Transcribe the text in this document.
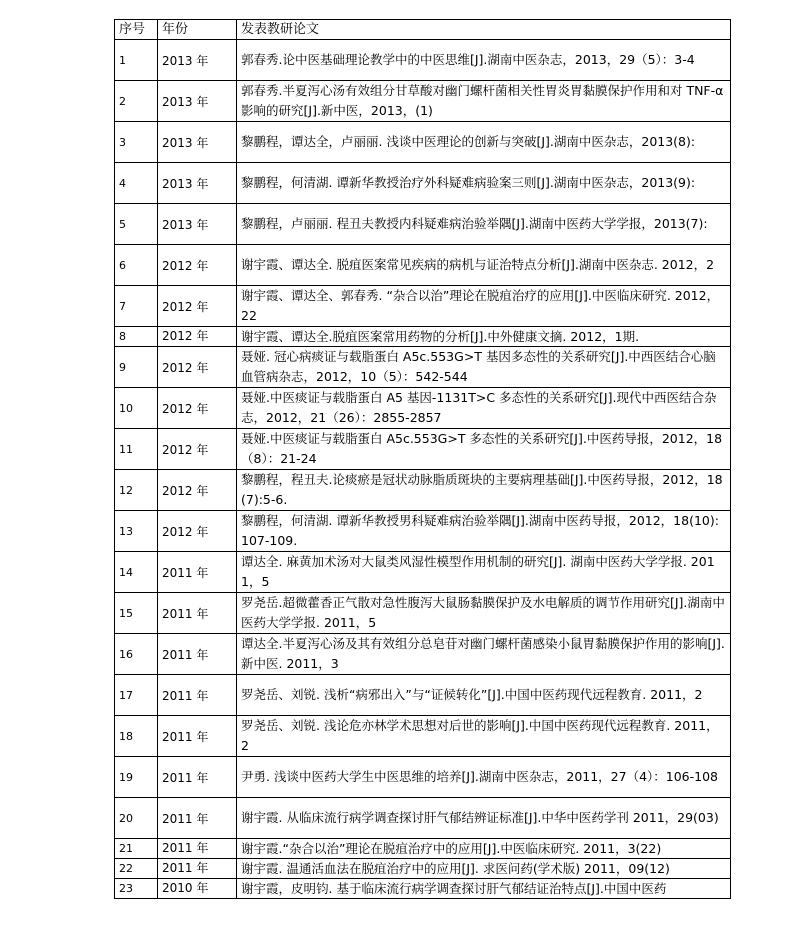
序号	年份	发表教研论文
1	2013 年	郭春秀.论中医基础理论教学中的中医思维[J].湖南中医杂志，2013，29（5）：3-4
2	2013 年	郭春秀.半夏泻心汤有效组分甘草酸对幽门螺杆菌相关性胃炎胃黏膜保护作用和对 TNF-α影响的研究[J].新中医，2013，(1)
3	2013 年	黎鹏程，谭达全，卢丽丽. 浅谈中医理论的创新与突破[J].湖南中医杂志，2013(8):
4	2013 年	黎鹏程，何清湖. 谭新华教授治疗外科疑难病验案三则[J].湖南中医杂志，2013(9):
5	2013 年	黎鹏程，卢丽丽. 程丑夫教授内科疑难病治验举隅[J].湖南中医药大学学报，2013(7):
6	2012 年	谢宇霞、谭达全. 脱疽医案常见疾病的病机与证治特点分析[J].湖南中医杂志. 2012，2
7	2012 年	谢宇霞、谭达全、郭春秀. “杂合以治”理论在脱疽治疗的应用[J].中医临床研究. 2012，22
8	2012 年	谢宇霞、谭达全.脱疽医案常用药物的分析[J].中外健康文摘. 2012，1期.
9	2012 年	聂娅. 冠心病痰证与载脂蛋白 A5c.553G>T 基因多态性的关系研究[J].中西医结合心脑血管病杂志，2012，10（5）：542-544
10	2012 年	聂娅.中医痰证与载脂蛋白 A5 基因-1131T>C 多态性的关系研究[J].现代中西医结合杂志，2012，21（26）：2855-2857
11	2012 年	聂娅.中医痰证与载脂蛋白 A5c.553G>T 多态性的关系研究[J].中医药导报，2012，18（8）：21-24
12	2012 年	黎鹏程，程丑夫.论痰瘀是冠状动脉脂质斑块的主要病理基础[J].中医药导报，2012，18(7):5-6.
13	2012 年	黎鹏程，何清湖. 谭新华教授男科疑难病治验举隅[J].湖南中医药导报，2012，18(10):107-109.
14	2011 年	谭达全. 麻黄加术汤对大鼠类风湿性模型作用机制的研究[J]. 湖南中医药大学学报. 2011，5
15	2011 年	罗尧岳.超微藿香正气散对急性腹泻大鼠肠黏膜保护及水电解质的调节作用研究[J].湖南中医药大学学报. 2011，5
16	2011 年	谭达全.半夏泻心汤及其有效组分总皂苷对幽门螺杆菌感染小鼠胃黏膜保护作用的影响[J].新中医. 2011，3
17	2011 年	罗尧岳、刘锐. 浅析“病邪出入”与“证候转化”[J].中国中医药现代远程教育. 2011，2
18	2011 年	罗尧岳、刘锐. 浅论危亦林学术思想对后世的影响[J].中国中医药现代远程教育. 2011，2
19	2011 年	尹勇. 浅谈中医药大学生中医思维的培养[J].湖南中医杂志，2011，27（4）：106-108
20	2011 年	谢宇霞. 从临床流行病学调查探讨肝气郁结辨证标准[J].中华中医药学刊 2011，29(03)
21	2011 年	谢宇霞.“杂合以治”理论在脱疽治疗中的应用[J].中医临床研究. 2011，3(22)
22	2011 年	谢宇霞. 温通活血法在脱疽治疗中的应用[J]. 求医问药(学术版) 2011，09(12)
23	2010 年	谢宇霞，皮明钧. 基于临床流行病学调查探讨肝气郁结证治特点[J].中国中医药
